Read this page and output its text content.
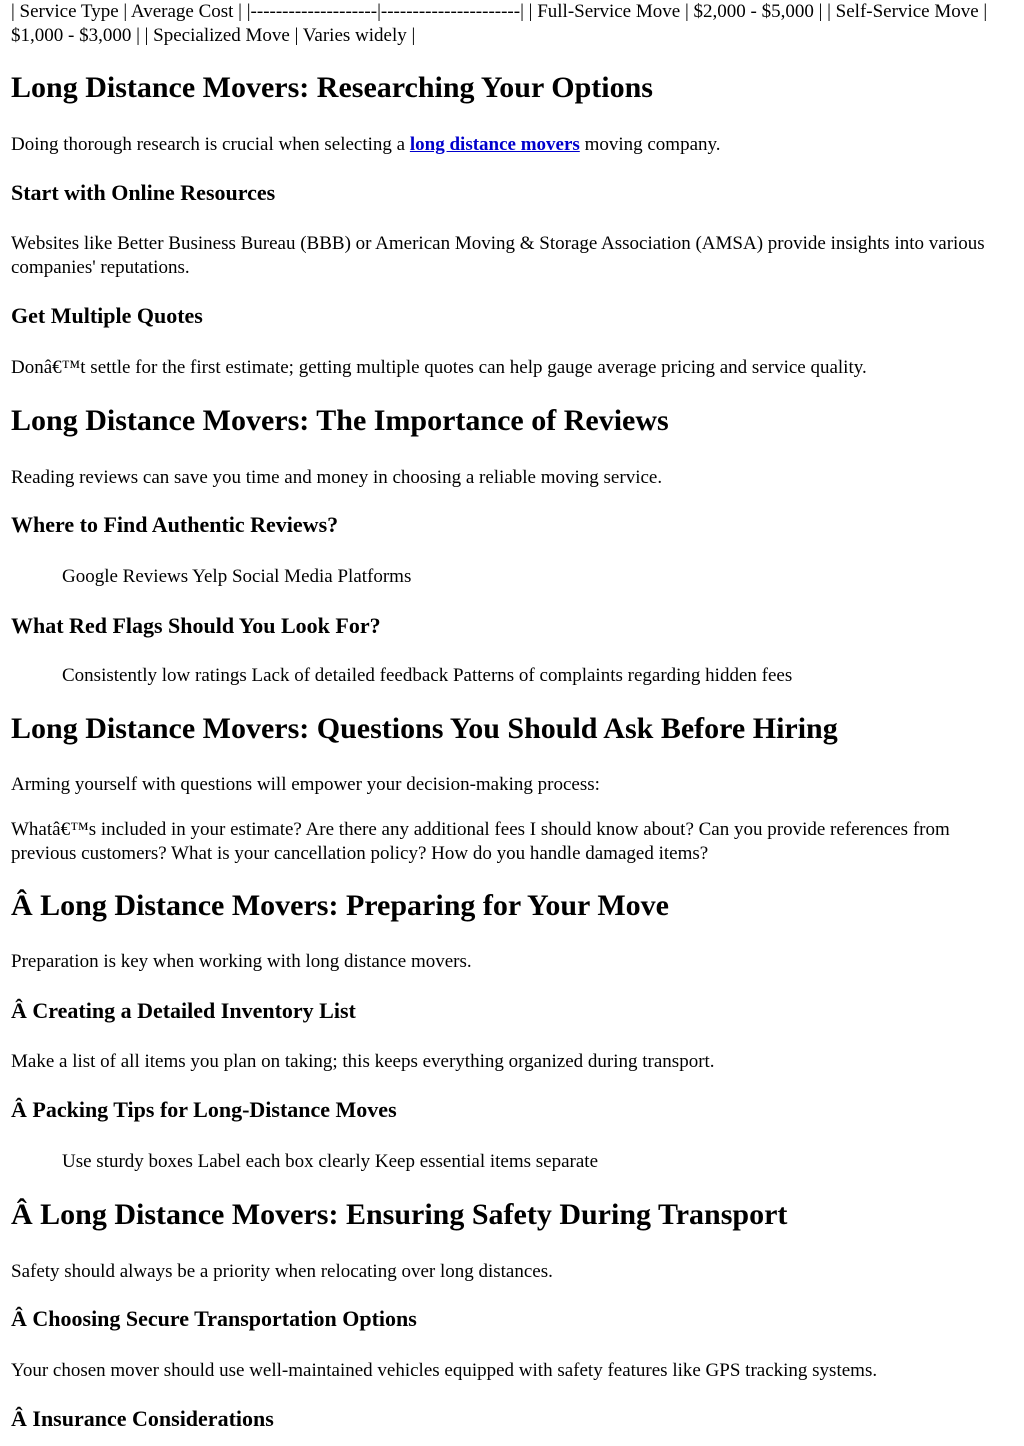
| Service Type | Average Cost | |--------------------|----------------------| | Full-Service Move | $2,000 - $5,000 | | Self-Service Move | $1,000 - $3,000 | | Specialized Move | Varies widely |

Long Distance Movers: Researching Your Options

Doing thorough research is crucial when selecting a long distance movers moving company.

Start with Online Resources

Websites like Better Business Bureau (BBB) or American Moving & Storage Association (AMSA) provide insights into various companies' reputations.

Get Multiple Quotes

Donâ€™t settle for the first estimate; getting multiple quotes can help gauge average pricing and service quality.

Long Distance Movers: The Importance of Reviews

Reading reviews can save you time and money in choosing a reliable moving service.

Where to Find Authentic Reviews?

Google Reviews Yelp Social Media Platforms

What Red Flags Should You Look For?

Consistently low ratings Lack of detailed feedback Patterns of complaints regarding hidden fees

Long Distance Movers: Questions You Should Ask Before Hiring

Arming yourself with questions will empower your decision-making process:

Whatâ€™s included in your estimate? Are there any additional fees I should know about? Can you provide references from previous customers? What is your cancellation policy? How do you handle damaged items?

Â Long Distance Movers: Preparing for Your Move

Preparation is key when working with long distance movers.

Â Creating a Detailed Inventory List

Make a list of all items you plan on taking; this keeps everything organized during transport.

Â Packing Tips for Long-Distance Moves

Use sturdy boxes Label each box clearly Keep essential items separate

Â Long Distance Movers: Ensuring Safety During Transport

Safety should always be a priority when relocating over long distances.

Â Choosing Secure Transportation Options

Your chosen mover should use well-maintained vehicles equipped with safety features like GPS tracking systems.

Â Insurance Considerations
